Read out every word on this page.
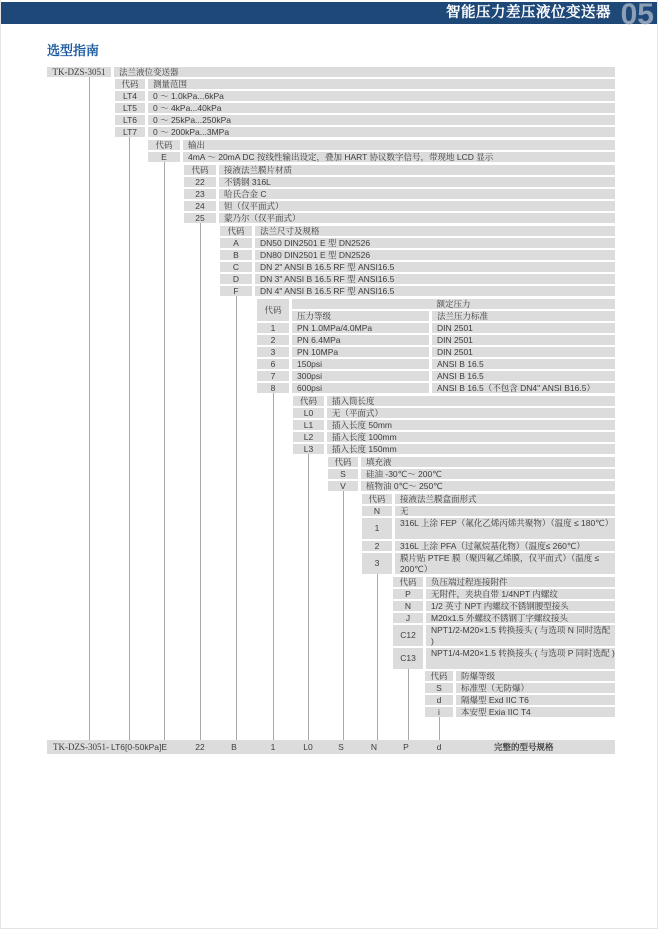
智能压力差压液位变送器 05
选型指南
TK-DZS-3051	法兰液位变送器
代码	测量范围
LT4	0 ～ 1.0kPa...6kPa
LT5	0 ～ 4kPa...40kPa
LT6	0 ～ 25kPa...250kPa
LT7	0 ～ 200kPa...3MPa
代码	输出
E	4mA ～ 20mA DC 按线性输出设定，叠加 HART 协议数字信号，带现地 LCD 显示
代码	接液法兰膜片材质
22	不锈钢 316L
23	哈氏合金 C
24	钽（仅平面式）
25	蒙乃尔（仅平面式）
代码	法兰尺寸及规格
A	DN50 DIN2501 E 型 DN2526
B	DN80 DIN2501 E 型 DN2526
C	DN 2" ANSI B 16.5 RF 型 ANSI16.5
D	DN 3" ANSI B 16.5 RF 型 ANSI16.5
F	DN 4" ANSI B 16.5 RF 型 ANSI16.5
代码
额定压力
压力等级	法兰压力标准
1	PN 1.0MPa/4.0MPa	DIN 2501
2	PN 6.4MPa	DIN 2501
3	PN 10MPa	DIN 2501
6	150psi	ANSI B 16.5
7	300psi	ANSI B 16.5
8	600psi	ANSI B 16.5（不包含 DN4" ANSI B16.5）
代码	插入筒长度
L0	无（平面式）
L1	插入长度 50mm
L2	插入长度 100mm
L3	插入长度 150mm
代码	填充液
S	硅油 -30℃～ 200℃
V	植物油 0℃～ 250℃
代码	接液法兰膜盒面形式
N	无
1	316L 上涂 FEP（氟化乙烯丙烯共聚物）（温度 ≤ 180℃）
2	316L 上涂 PFA（过氟烷基化物）（温度≤ 260℃）
3	膜片贴 PTFE 膜（聚四氟乙烯膜，仅平面式）（温度 ≤ 200℃）
代码	负压端过程连接附件
P	无附件，夹块自带 1/4NPT 内螺纹
N	1/2 英寸 NPT 内螺纹不锈钢腰型接头
J	M20x1.5 外螺纹不锈钢丁字螺纹接头
C12	NPT1/2-M20×1.5 转换接头 ( 与选项 N 同时选配 )
C13	NPT1/4-M20×1.5 转换接头 ( 与选项 P 同时选配 )
代码	防爆等级
S	标准型（无防爆）
d	隔爆型 Exd IIC T6
i	本安型 Exia IIC T4
TK-DZS-3051- LT6[0-50kPa]E	22	B	1	L0	S	N	P	d	完整的型号规格
